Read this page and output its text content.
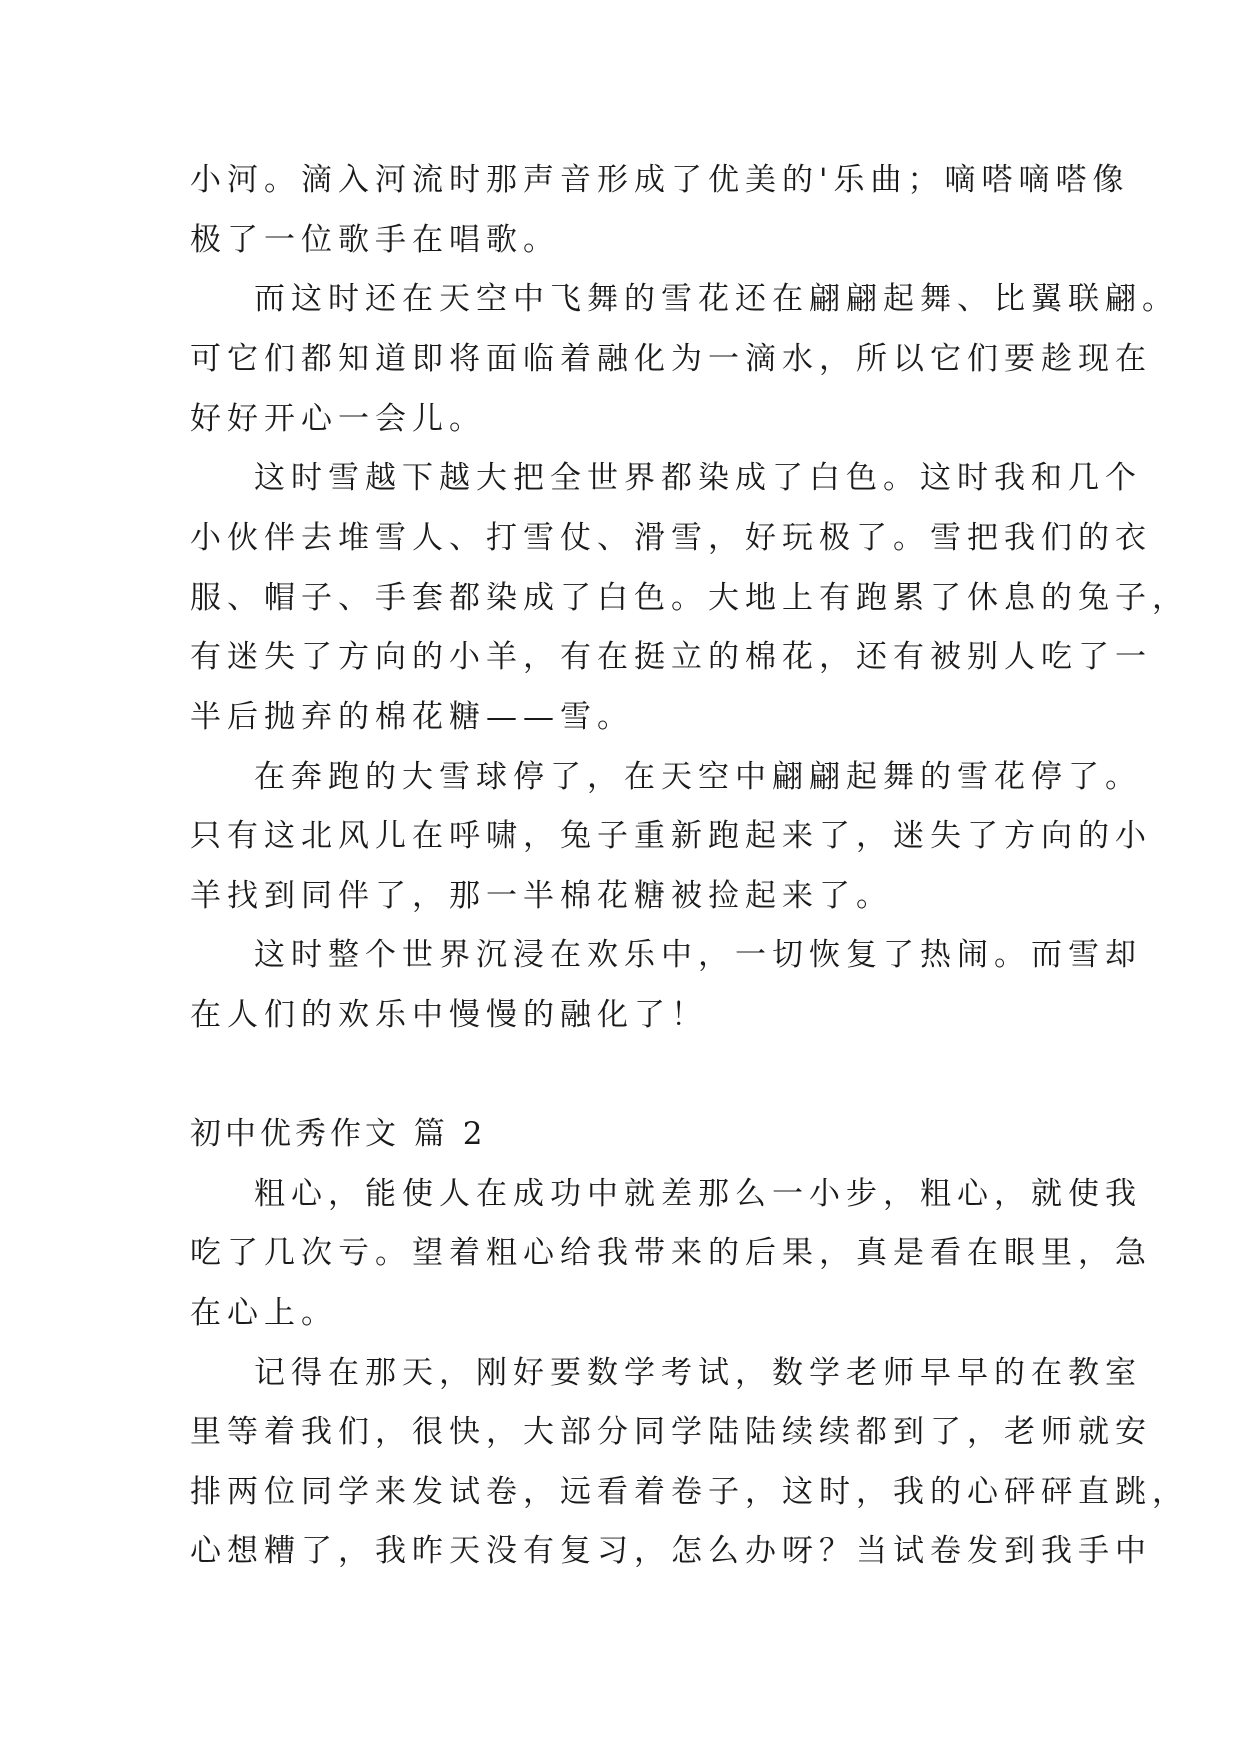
小河。滴入河流时那声音形成了优美的'乐曲；嘀嗒嘀嗒像
极了一位歌手在唱歌。
而这时还在天空中飞舞的雪花还在翩翩起舞、比翼联翩。
可它们都知道即将面临着融化为一滴水，所以它们要趁现在
好好开心一会儿。
这时雪越下越大把全世界都染成了白色。这时我和几个
小伙伴去堆雪人、打雪仗、滑雪，好玩极了。雪把我们的衣
服、帽子、手套都染成了白色。大地上有跑累了休息的兔子，
有迷失了方向的小羊，有在挺立的棉花，还有被别人吃了一
半后抛弃的棉花糖——雪。
在奔跑的大雪球停了，在天空中翩翩起舞的雪花停了。
只有这北风儿在呼啸，兔子重新跑起来了，迷失了方向的小
羊找到同伴了，那一半棉花糖被捡起来了。
这时整个世界沉浸在欢乐中，一切恢复了热闹。而雪却
在人们的欢乐中慢慢的融化了！
初中优秀作文 篇 2
粗心，能使人在成功中就差那么一小步，粗心，就使我
吃了几次亏。望着粗心给我带来的后果，真是看在眼里，急
在心上。
记得在那天，刚好要数学考试，数学老师早早的在教室
里等着我们，很快，大部分同学陆陆续续都到了，老师就安
排两位同学来发试卷，远看着卷子，这时，我的心砰砰直跳，
心想糟了，我昨天没有复习，怎么办呀？当试卷发到我手中
